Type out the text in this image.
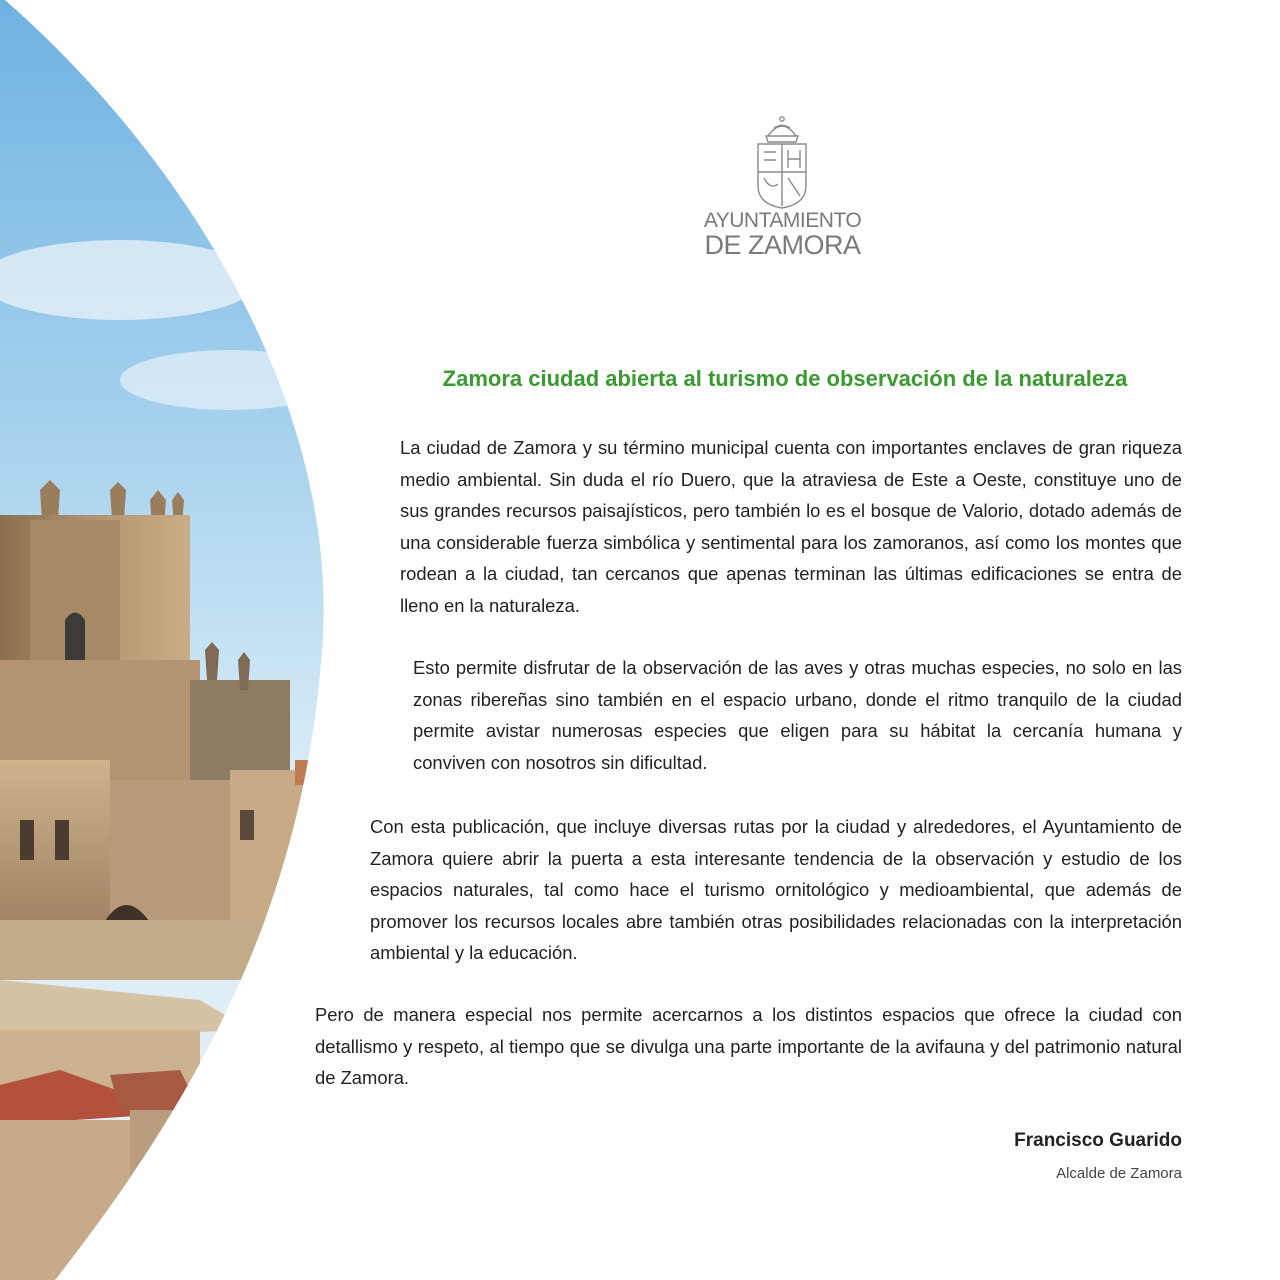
AYUNTAMIENTO
DE ZAMORA
Zamora ciudad abierta al turismo de observación de la naturaleza

La ciudad de Zamora y su término municipal cuenta con importantes enclaves de gran riqueza medio ambiental. Sin duda el río Duero, que la atraviesa de Este a Oeste, constituye uno de sus grandes recursos paisajísticos, pero también lo es el bosque de Valorio, dotado además de una considerable fuerza simbólica y sentimental para los zamoranos, así como los montes que rodean a la ciudad, tan cercanos que apenas terminan las últimas edificaciones se entra de lleno en la naturaleza.

Esto permite disfrutar de la observación de las aves y otras muchas especies, no solo en las zonas ribereñas sino también en el espacio urbano, donde el ritmo tranquilo de la ciudad permite avistar numerosas especies que eligen para su hábitat la cercanía humana y conviven con nosotros sin dificultad.

Con esta publicación, que incluye diversas rutas por la ciudad y alrededores, el Ayuntamiento de Zamora quiere abrir la puerta a esta interesante tendencia de la observación y estudio de los espacios naturales, tal como hace el turismo ornitológico y medioambiental, que además de promover los recursos locales abre también otras posibilidades relacionadas con la interpretación ambiental y la educación.

Pero de manera especial nos permite acercarnos a los distintos espacios que ofrece la ciudad con detallismo y respeto, al tiempo que se divulga una parte importante de la avifauna y del patrimonio natural de Zamora.

Francisco Guarido
Alcalde de Zamora
